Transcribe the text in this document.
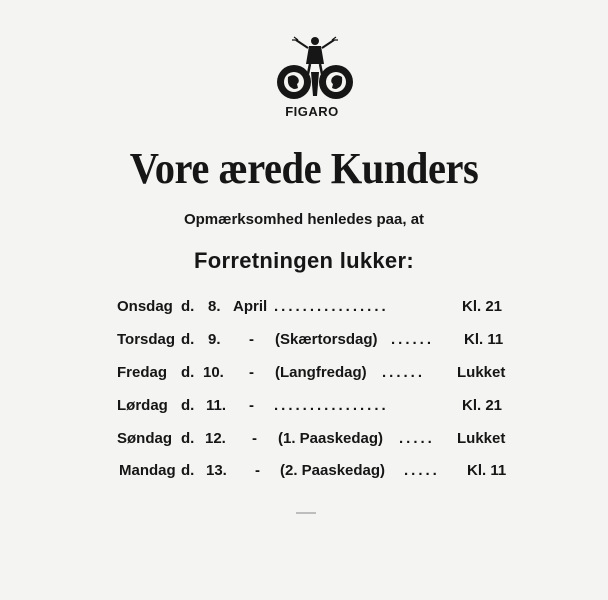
FIGARO
Vore ærede Kunders
Opmærksomhed henledes paa, at
Forretningen lukker:
Onsdag d. 8. April ................	Kl. 21
Torsdag d. 9. - (Skærtorsdag) ...... Kl. 11
Fredag d. 10. - (Langfredag) ...... Lukket
Lørdag d. 11. - ................	Kl. 21
Søndag d. 12. - (1. Paaskedag) ..... Lukket
Mandag d. 13. - (2. Paaskedag) ..... Kl. 11
